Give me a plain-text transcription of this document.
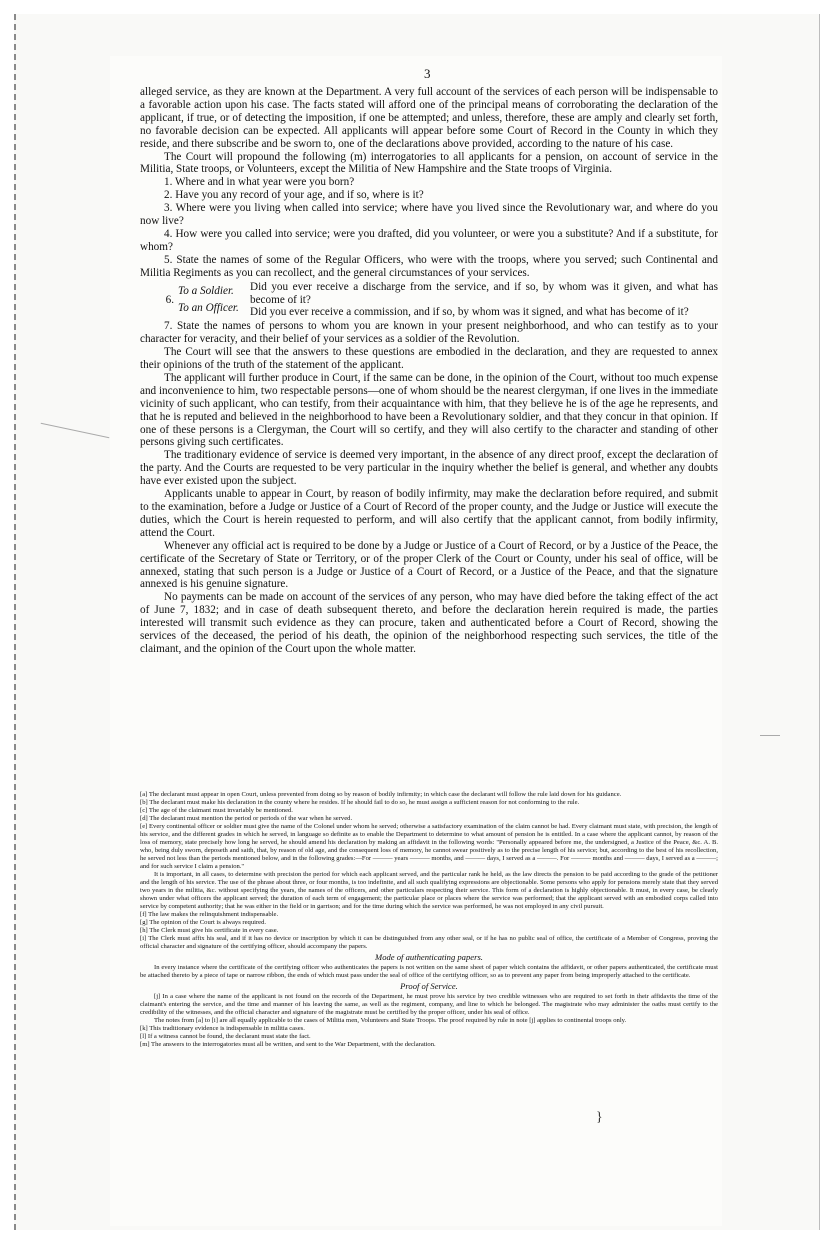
3

alleged service, as they are known at the Department. A very full account of the services of each person will be indispensable to a favorable action upon his case. The facts stated will afford one of the principal means of corroborating the declaration of the applicant, if true, or of detecting the imposition, if one be attempted; and unless, therefore, these are amply and clearly set forth, no favorable decision can be expected. All applicants will appear before some Court of Record in the County in which they reside, and there subscribe and be sworn to, one of the declarations above provided, according to the nature of his case.

The Court will propound the following (m) interrogatories to all applicants for a pension, on account of service in the Militia, State troops, or Volunteers, except the Militia of New Hampshire and the State troops of Virginia.

1. Where and in what year were you born?

2. Have you any record of your age, and if so, where is it?

3. Where were you living when called into service; where have you lived since the Revolutionary war, and where do you now live?

4. How were you called into service; were you drafted, did you volunteer, or were you a substitute? And if a substitute, for whom?

5. State the names of some of the Regular Officers, who were with the troops, where you served; such Continental and Militia Regiments as you can recollect, and the general circumstances of your services.

6.
To a Soldier.
To an Officer.
Did you ever receive a discharge from the service, and if so, by whom was it given, and what has become of it?
Did you ever receive a commission, and if so, by whom was it signed, and what has become of it?

7. State the names of persons to whom you are known in your present neighborhood, and who can testify as to your character for veracity, and their belief of your services as a soldier of the Revolution.

The Court will see that the answers to these questions are embodied in the declaration, and they are requested to annex their opinions of the truth of the statement of the applicant.

The applicant will further produce in Court, if the same can be done, in the opinion of the Court, without too much expense and inconvenience to him, two respectable persons—one of whom should be the nearest clergyman, if one lives in the immediate vicinity of such applicant, who can testify, from their acquaintance with him, that they believe he is of the age he represents, and that he is reputed and believed in the neighborhood to have been a Revolutionary soldier, and that they concur in that opinion. If one of these persons is a Clergyman, the Court will so certify, and they will also certify to the character and standing of other persons giving such certificates.

The traditionary evidence of service is deemed very important, in the absence of any direct proof, except the declaration of the party. And the Courts are requested to be very particular in the inquiry whether the belief is general, and whether any doubts have ever existed upon the subject.

Applicants unable to appear in Court, by reason of bodily infirmity, may make the declaration before required, and submit to the examination, before a Judge or Justice of a Court of Record of the proper county, and the Judge or Justice will execute the duties, which the Court is herein requested to perform, and will also certify that the applicant cannot, from bodily infirmity, attend the Court.

Whenever any official act is required to be done by a Judge or Justice of a Court of Record, or by a Justice of the Peace, the certificate of the Secretary of State or Territory, or of the proper Clerk of the Court or County, under his seal of office, will be annexed, stating that such person is a Judge or Justice of a Court of Record, or a Justice of the Peace, and that the signature annexed is his genuine signature.

No payments can be made on account of the services of any person, who may have died before the taking effect of the act of June 7, 1832; and in case of death subsequent thereto, and before the declaration herein required is made, the parties interested will transmit such evidence as they can procure, taken and authenticated before a Court of Record, showing the services of the deceased, the period of his death, the opinion of the neighborhood respecting such services, the title of the claimant, and the opinion of the Court upon the whole matter.

[a] The declarant must appear in open Court, unless prevented from doing so by reason of bodily infirmity; in which case the declarant will follow the rule laid down for his guidance.

[b] The declarant must make his declaration in the county where he resides. If he should fail to do so, he must assign a sufficient reason for not conforming to the rule.

[c] The age of the claimant must invariably be mentioned.

[d] The declarant must mention the period or periods of the war when he served.

[e] Every continental officer or soldier must give the name of the Colonel under whom he served; otherwise a satisfactory examination of the claim cannot be had. Every claimant must state, with precision, the length of his service, and the different grades in which he served, in language so definite as to enable the Department to determine to what amount of pension he is entitled. In a case where the applicant cannot, by reason of the loss of memory, state precisely how long he served, he should amend his declaration by making an affidavit in the following words: "Personally appeared before me, the undersigned, a Justice of the Peace, &c. A. B. who, being duly sworn, deposeth and saith, that, by reason of old age, and the consequent loss of memory, he cannot swear positively as to the precise length of his service; but, according to the best of his recollection, he served not less than the periods mentioned below, and in the following grades:—For ——— years ——— months, and ——— days, I served as a ———. For ——— months and ——— days, I served as a ———; and for such service I claim a pension."

It is important, in all cases, to determine with precision the period for which each applicant served, and the particular rank he held, as the law directs the pension to be paid according to the grade of the petitioner and the length of his service. The use of the phrase about three, or four months, is too indefinite, and all such qualifying expressions are objectionable. Some persons who apply for pensions merely state that they served two years in the militia, &c. without specifying the years, the names of the officers, and other particulars respecting their service. This form of a declaration is highly objectionable. It must, in every case, be clearly shown under what officers the applicant served; the duration of each term of engagement; the particular place or places where the service was performed; that the applicant served with an embodied corps called into service by competent authority; that he was either in the field or in garrison; and for the time during which the service was performed, he was not employed in any civil pursuit.

[f] The law makes the relinquishment indispensable.

[g] The opinion of the Court is always required.

[h] The Clerk must give his certificate in every case.

[i] The Clerk must affix his seal, and if it has no device or inscription by which it can be distinguished from any other seal, or if he has no public seal of office, the certificate of a Member of Congress, proving the official character and signature of the certifying officer, should accompany the papers.

Mode of authenticating papers.

In every instance where the certificate of the certifying officer who authenticates the papers is not written on the same sheet of paper which contains the affidavit, or other papers authenticated, the certificate must be attached thereto by a piece of tape or narrow ribbon, the ends of which must pass under the seal of office of the certifying officer, so as to prevent any paper from being improperly attached to the certificate.

Proof of Service.

[j] In a case where the name of the applicant is not found on the records of the Department, he must prove his service by two credible witnesses who are required to set forth in their affidavits the time of the claimant's entering the service, and the time and manner of his leaving the same, as well as the regiment, company, and line to which he belonged. The magistrate who may administer the oaths must certify to the credibility of the witnesses, and the official character and signature of the magistrate must be certified by the proper officer, under his seal of office.

The notes from [a] to [i] are all equally applicable to the cases of Militia men, Volunteers and State Troops. The proof required by rule in note [j] applies to continental troops only.

[k] This traditionary evidence is indispensable in militia cases.

[l] If a witness cannot be found, the declarant must state the fact.

[m] The answers to the interrogatories must all be written, and sent to the War Department, with the declaration.

}
